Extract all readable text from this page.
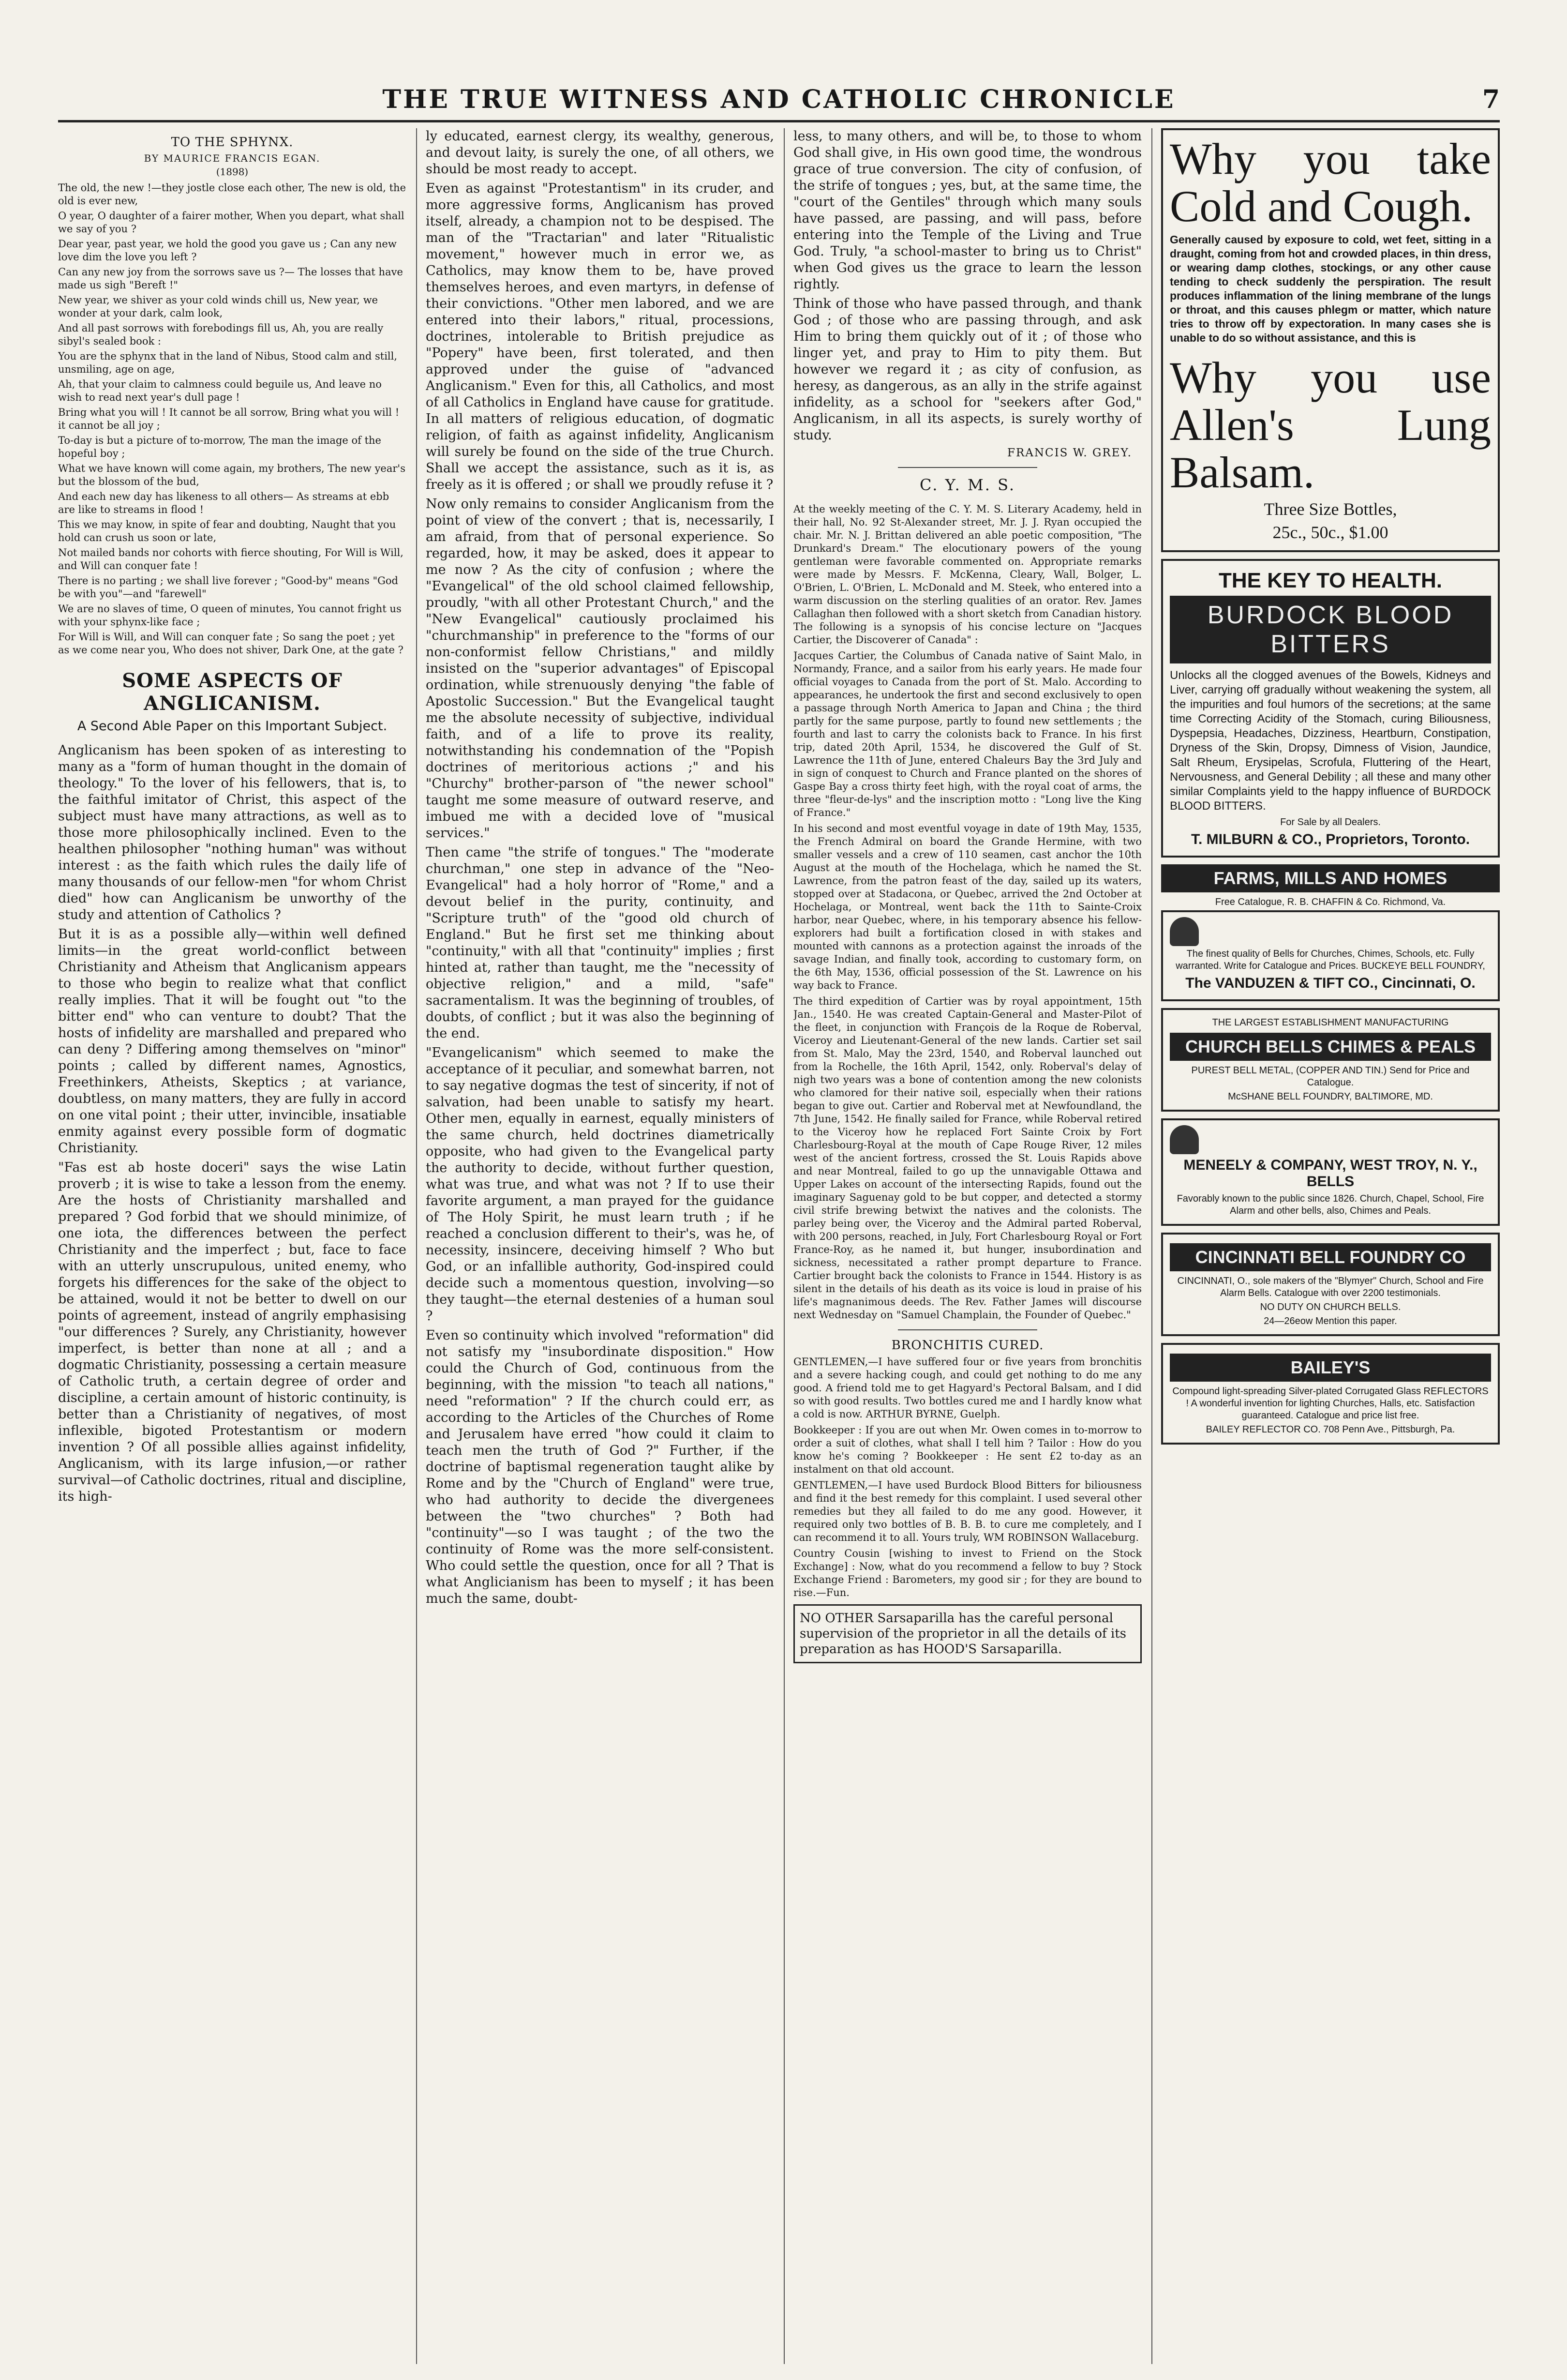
THE TRUE WITNESS AND CATHOLIC CHRONICLE	7
TO THE SPHYNX.
BY MAURICE FRANCIS EGAN.
(1898)

The old, the new !—they jostle close each other, The new is old, the old is ever new,

O year, O daughter of a fairer mother, When you depart, what shall we say of you ?

Dear year, past year, we hold the good you gave us ; Can any new love dim the love you left ?

Can any new joy from the sorrows save us ?— The losses that have made us sigh "Bereft !"

New year, we shiver as your cold winds chill us, New year, we wonder at your dark, calm look,

And all past sorrows with forebodings fill us, Ah, you are really sibyl's sealed book :

You are the sphynx that in the land of Nibus, Stood calm and still, unsmiling, age on age,

Ah, that your claim to calmness could beguile us, And leave no wish to read next year's dull page !

Bring what you will ! It cannot be all sorrow, Bring what you will ! it cannot be all joy ;

To-day is but a picture of to-morrow, The man the image of the hopeful boy ;

What we have known will come again, my brothers, The new year's but the blossom of the bud,

And each new day has likeness to all others— As streams at ebb are like to streams in flood !

This we may know, in spite of fear and doubting, Naught that you hold can crush us soon or late,

Not mailed bands nor cohorts with fierce shouting, For Will is Will, and Will can conquer fate !

There is no parting ; we shall live forever ; "Good-by" means "God be with you"—and "farewell"

We are no slaves of time, O queen of minutes, You cannot fright us with your sphynx-like face ;

For Will is Will, and Will can conquer fate ; So sang the poet ; yet as we come near you, Who does not shiver, Dark One, at the gate ?

SOME ASPECTS OF ANGLICANISM.
A Second Able Paper on this Important Subject.

Anglicanism has been spoken of as interesting to many as a "form of human thought in the domain of theology." To the lover of his fellowers, that is, to the faithful imitator of Christ, this aspect of the subject must have many attractions, as well as to those more philosophically inclined. Even to the healthen philosopher "nothing human" was without interest : as the faith which rules the daily life of many thousands of our fellow-men "for whom Christ died" how can Anglicanism be unworthy of the study and attention of Catholics ?

But it is as a possible ally—within well defined limits—in the great world-conflict between Christianity and Atheism that Anglicanism appears to those who begin to realize what that conflict really implies. That it will be fought out "to the bitter end" who can venture to doubt? That the hosts of infidelity are marshalled and prepared who can deny ? Differing among themselves on "minor" points ; called by different names, Agnostics, Freethinkers, Atheists, Skeptics ; at variance, doubtless, on many matters, they are fully in accord on one vital point ; their utter, invincible, insatiable enmity against every possible form of dogmatic Christianity.

"Fas est ab hoste doceri" says the wise Latin proverb ; it is wise to take a lesson from the enemy. Are the hosts of Christianity marshalled and prepared ? God forbid that we should minimize, of one iota, the differences between the perfect Christianity and the imperfect ; but, face to face with an utterly unscrupulous, united enemy, who forgets his differences for the sake of the object to be attained, would it not be better to dwell on our points of agreement, instead of angrily emphasising "our differences ? Surely, any Christianity, however imperfect, is better than none at all ; and a dogmatic Christianity, possessing a certain measure of Catholic truth, a certain degree of order and discipline, a certain amount of historic continuity, is better than a Christianity of negatives, of most inflexible, bigoted Protestantism or modern invention ? Of all possible allies against infidelity, Anglicanism, with its large infusion,—or rather survival—of Catholic doctrines, ritual and discipline, its high-

ly educated, earnest clergy, its wealthy, generous, and devout laity, is surely the one, of all others, we should be most ready to accept.

Even as against "Protestantism" in its cruder, and more aggressive forms, Anglicanism has proved itself, already, a champion not to be despised. The man of the "Tractarian" and later "Ritualistic movement," however much in error we, as Catholics, may know them to be, have proved themselves heroes, and even martyrs, in defense of their convictions. "Other men labored, and we are entered into their labors," ritual, processions, doctrines, intolerable to British prejudice as "Popery" have been, first tolerated, and then approved under the guise of "advanced Anglicanism." Even for this, all Catholics, and most of all Catholics in England have cause for gratitude. In all matters of religious education, of dogmatic religion, of faith as against infidelity, Anglicanism will surely be found on the side of the true Church. Shall we accept the assistance, such as it is, as freely as it is offered ; or shall we proudly refuse it ?

Now only remains to consider Anglicanism from the point of view of the convert ; that is, necessarily, I am afraid, from that of personal experience. So regarded, how, it may be asked, does it appear to me now ? As the city of confusion ; where the "Evangelical" of the old school claimed fellowship, proudly, "with all other Protestant Church," and the "New Evangelical" cautiously proclaimed his "churchmanship" in preference to the "forms of our non-conformist fellow Christians," and mildly insisted on the "superior advantages" of Episcopal ordination, while strenuously denying "the fable of Apostolic Succession." But the Evangelical taught me the absolute necessity of subjective, individual faith, and of a life to prove its reality, notwithstanding his condemnation of the "Popish doctrines of meritorious actions ;" and his "Churchy" brother-parson of "the newer school" taught me some measure of outward reserve, and imbued me with a decided love of "musical services."

Then came "the strife of tongues." The "moderate churchman," one step in advance of the "Neo-Evangelical" had a holy horror of "Rome," and a devout belief in the purity, continuity, and "Scripture truth" of the "good old church of England." But he first set me thinking about "continuity," with all that "continuity" implies ; first hinted at, rather than taught, me the "necessity of objective religion," and a mild, "safe" sacramentalism. It was the beginning of troubles, of doubts, of conflict ; but it was also the beginning of the end.

"Evangelicanism" which seemed to make the acceptance of it peculiar, and somewhat barren, not to say negative dogmas the test of sincerity, if not of salvation, had been unable to satisfy my heart. Other men, equally in earnest, equally ministers of the same church, held doctrines diametrically opposite, who had given to the Evangelical party the authority to decide, without further question, what was true, and what was not ? If to use their favorite argument, a man prayed for the guidance of The Holy Spirit, he must learn truth ; if he reached a conclusion different to their's, was he, of necessity, insincere, deceiving himself ? Who but God, or an infallible authority, God-inspired could decide such a momentous question, involving—so they taught—the eternal destenies of a human soul ?

Even so continuity which involved "reformation" did not satisfy my "insubordinate disposition." How could the Church of God, continuous from the beginning, with the mission "to teach all nations," need "reformation" ? If the church could err, as according to the Articles of the Churches of Rome and Jerusalem have erred "how could it claim to teach men the truth of God ?" Further, if the doctrine of baptismal regeneration taught alike by Rome and by the "Church of England" were true, who had authority to decide the divergenees between the "two churches" ? Both had "continuity"—so I was taught ; of the two the continuity of Rome was the more self-consistent. Who could settle the question, once for all ? That is what Anglicianism has been to myself ; it has been much the same, doubt-

less, to many others, and will be, to those to whom God shall give, in His own good time, the wondrous grace of true conversion. The city of confusion, of the strife of tongues ; yes, but, at the same time, the "court of the Gentiles" through which many souls have passed, are passing, and will pass, before entering into the Temple of the Living and True God. Truly, "a school-master to bring us to Christ" when God gives us the grace to learn the lesson rightly.

Think of those who have passed through, and thank God ; of those who are passing through, and ask Him to bring them quickly out of it ; of those who linger yet, and pray to Him to pity them. But however we regard it ; as city of confusion, as heresy, as dangerous, as an ally in the strife against infidelity, as a school for "seekers after God," Anglicanism, in all its aspects, is surely worthy of study.

FRANCIS W. GREY.
C. Y. M. S.

At the weekly meeting of the C. Y. M. S. Literary Academy, held in their hall, No. 92 St-Alexander street, Mr. J. J. Ryan occupied the chair. Mr. N. J. Brittan delivered an able poetic composition, "The Drunkard's Dream." The elocutionary powers of the young gentleman were favorable commented on. Appropriate remarks were made by Messrs. F. McKenna, Cleary, Wall, Bolger, L. O'Brien, L. O'Brien, L. McDonald and M. Steek, who entered into a warm discussion on the sterling qualities of an orator. Rev. James Callaghan then followed with a short sketch from Canadian history. The following is a synopsis of his concise lecture on "Jacques Cartier, the Discoverer of Canada" :

Jacques Cartier, the Columbus of Canada native of Saint Malo, in Normandy, France, and a sailor from his early years. He made four official voyages to Canada from the port of St. Malo. According to appearances, he undertook the first and second exclusively to open a passage through North America to Japan and China ; the third partly for the same purpose, partly to found new settlements ; the fourth and last to carry the colonists back to France. In his first trip, dated 20th April, 1534, he discovered the Gulf of St. Lawrence the 11th of June, entered Chaleurs Bay the 3rd July and in sign of conquest to Church and France planted on the shores of Gaspe Bay a cross thirty feet high, with the royal coat of arms, the three "fleur-de-lys" and the inscription motto : "Long live the King of France."

In his second and most eventful voyage in date of 19th May, 1535, the French Admiral on board the Grande Hermine, with two smaller vessels and a crew of 110 seamen, cast anchor the 10th August at the mouth of the Hochelaga, which he named the St. Lawrence, from the patron feast of the day, sailed up its waters, stopped over at Stadacona, or Quebec, arrived the 2nd October at Hochelaga, or Montreal, went back the 11th to Sainte-Croix harbor, near Quebec, where, in his temporary absence his fellow-explorers had built a fortification closed in with stakes and mounted with cannons as a protection against the inroads of the savage Indian, and finally took, according to customary form, on the 6th May, 1536, official possession of the St. Lawrence on his way back to France.

The third expedition of Cartier was by royal appointment, 15th Jan., 1540. He was created Captain-General and Master-Pilot of the fleet, in conjunction with François de la Roque de Roberval, Viceroy and Lieutenant-General of the new lands. Cartier set sail from St. Malo, May the 23rd, 1540, and Roberval launched out from la Rochelle, the 16th April, 1542, only. Roberval's delay of nigh two years was a bone of contention among the new colonists who clamored for their native soil, especially when their rations began to give out. Cartier and Roberval met at Newfoundland, the 7th June, 1542. He finally sailed for France, while Roberval retired to the Viceroy how he replaced Fort Sainte Croix by Fort Charlesbourg-Royal at the mouth of Cape Rouge River, 12 miles west of the ancient fortress, crossed the St. Louis Rapids above and near Montreal, failed to go up the unnavigable Ottawa and Upper Lakes on account of the intersecting Rapids, found out the imaginary Saguenay gold to be but copper, and detected a stormy civil strife brewing betwixt the natives and the colonists. The parley being over, the Viceroy and the Admiral parted Roberval, with 200 persons, reached, in July, Fort Charlesbourg Royal or Fort France-Roy, as he named it, but hunger, insubordination and sickness, necessitated a rather prompt departure to France. Cartier brought back the colonists to France in 1544. History is as silent in the details of his death as its voice is loud in praise of his life's magnanimous deeds. The Rev. Father James will discourse next Wednesday on "Samuel Champlain, the Founder of Quebec."

BRONCHITIS CURED.

GENTLEMEN,—I have suffered four or five years from bronchitis and a severe hacking cough, and could get nothing to do me any good. A friend told me to get Hagyard's Pectoral Balsam, and I did so with good results. Two bottles cured me and I hardly know what a cold is now. ARTHUR BYRNE, Guelph.

Bookkeeper : If you are out when Mr. Owen comes in to-morrow to order a suit of clothes, what shall I tell him ? Tailor : How do you know he's coming ? Bookkeeper : He sent £2 to-day as an instalment on that old account.

GENTLEMEN,—I have used Burdock Blood Bitters for biliousness and find it the best remedy for this complaint. I used several other remedies but they all failed to do me any good. However, it required only two bottles of B. B. B. to cure me completely, and I can recommend it to all. Yours truly, WM ROBINSON Wallaceburg.

Country Cousin [wishing to invest to Friend on the Stock Exchange] : Now, what do you recommend a fellow to buy ? Stock Exchange Friend : Barometers, my good sir ; for they are bound to rise.—Fun.

NO OTHER Sarsaparilla has the careful personal supervision of the proprietor in all the details of its preparation as has HOOD'S Sarsaparilla.

Why you take Cold and Cough.

Generally caused by exposure to cold, wet feet, sitting in a draught, coming from hot and crowded places, in thin dress, or wearing damp clothes, stockings, or any other cause tending to check suddenly the perspiration. The result produces inflammation of the lining membrane of the lungs or throat, and this causes phlegm or matter, which nature tries to throw off by expectoration. In many cases she is unable to do so without assistance, and this is

Why you use Allen's Lung Balsam.

Three Size Bottles,

25c., 50c., $1.00

THE KEY TO HEALTH.
BURDOCK BLOOD BITTERS

Unlocks all the clogged avenues of the Bowels, Kidneys and Liver, carrying off gradually without weakening the system, all the impurities and foul humors of the secretions; at the same time Correcting Acidity of the Stomach, curing Biliousness, Dyspepsia, Headaches, Dizziness, Heartburn, Constipation, Dryness of the Skin, Dropsy, Dimness of Vision, Jaundice, Salt Rheum, Erysipelas, Scrofula, Fluttering of the Heart, Nervousness, and General Debility ; all these and many other similar Complaints yield to the happy influence of BURDOCK BLOOD BITTERS.

For Sale by all Dealers.

T. MILBURN & CO., Proprietors, Toronto.

FARMS, MILLS AND HOMES

Free Catalogue, R. B. CHAFFIN & Co. Richmond, Va.

The finest quality of Bells for Churches, Chimes, Schools, etc. Fully warranted. Write for Catalogue and Prices. BUCKEYE BELL FOUNDRY,

The VANDUZEN & TIFT CO., Cincinnati, O.

THE LARGEST ESTABLISHMENT MANUFACTURING

CHURCH BELLS CHIMES & PEALS

PUREST BELL METAL, (COPPER AND TIN.) Send for Price and Catalogue.

McSHANE BELL FOUNDRY, BALTIMORE, MD.

MENEELY & COMPANY, WEST TROY, N. Y., BELLS

Favorably known to the public since 1826. Church, Chapel, School, Fire Alarm and other bells, also, Chimes and Peals.

CINCINNATI BELL FOUNDRY CO

CINCINNATI, O., sole makers of the "Blymyer" Church, School and Fire Alarm Bells. Catalogue with over 2200 testimonials.

NO DUTY ON CHURCH BELLS.

24—26eow Mention this paper.

BAILEY'S

Compound light-spreading Silver-plated Corrugated Glass REFLECTORS ! A wonderful invention for lighting Churches, Halls, etc. Satisfaction guaranteed. Catalogue and price list free.

BAILEY REFLECTOR CO. 708 Penn Ave., Pittsburgh, Pa.
